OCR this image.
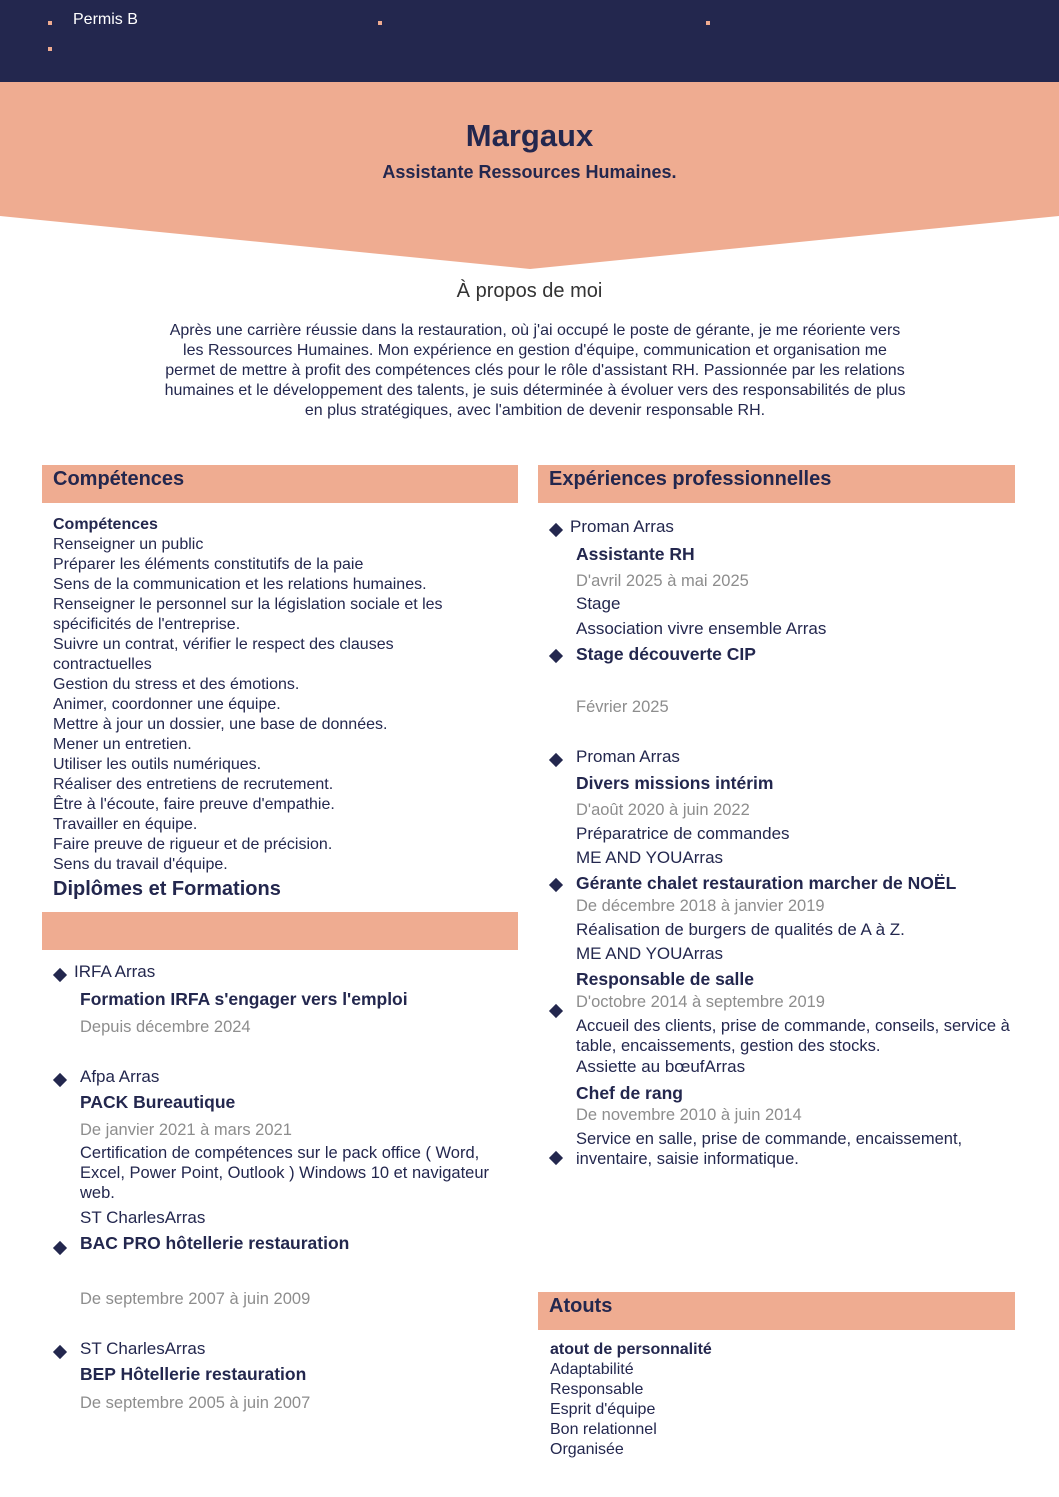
Permis B
Margaux
Assistante Ressources Humaines.
À propos de moi
Après une carrière réussie dans la restauration, où j'ai occupé le poste de gérante, je me réoriente vers les Ressources Humaines. Mon expérience en gestion d'équipe, communication et organisation me permet de mettre à profit des compétences clés pour le rôle d'assistant RH. Passionnée par les relations humaines et le développement des talents, je suis déterminée à évoluer vers des responsabilités de plus en plus stratégiques, avec l'ambition de devenir responsable RH.
Compétences
Compétences
Renseigner un public
Préparer les éléments constitutifs de la paie
Sens de la communication et les relations humaines.
Renseigner le personnel sur la législation sociale et les spécificités de l'entreprise.
Suivre un contrat, vérifier le respect des clauses contractuelles
Gestion du stress et des émotions.
Animer, coordonner une équipe.
Mettre à jour un dossier, une base de données.
Mener un entretien.
Utiliser les outils numériques.
Réaliser des entretiens de recrutement.
Être à l'écoute, faire preuve d'empathie.
Travailler en équipe.
Faire preuve de rigueur et de précision.
Sens du travail d'équipe.
Diplômes et Formations
IRFA Arras
Formation IRFA s'engager vers l'emploi
Depuis décembre 2024
Afpa Arras
PACK Bureautique
De janvier 2021 à mars 2021
Certification de compétences sur le pack office ( Word, Excel, Power Point, Outlook ) Windows 10 et navigateur web.
ST CharlesArras
BAC PRO hôtellerie restauration
De septembre 2007 à juin 2009
ST CharlesArras
BEP Hôtellerie restauration
De septembre 2005 à juin 2007
Expériences professionnelles
Proman Arras
Assistante RH
D'avril 2025 à mai 2025
Stage
Association vivre ensemble Arras
Stage découverte CIP
Février 2025
Proman Arras
Divers missions intérim
D'août 2020 à juin 2022
Préparatrice de commandes
ME AND YOUArras
Gérante chalet restauration marcher de NOËL
De décembre 2018 à janvier 2019
Réalisation de burgers de qualités de A à Z.
ME AND YOUArras
Responsable de salle
D'octobre 2014 à septembre 2019
Accueil des clients, prise de commande, conseils, service à table, encaissements, gestion des stocks.
Assiette au bœufArras
Chef de rang
De novembre 2010 à juin 2014
Service en salle, prise de commande, encaissement, inventaire, saisie informatique.
Atouts
atout de personnalité
Adaptabilité
Responsable
Esprit d'équipe
Bon relationnel
Organisée
